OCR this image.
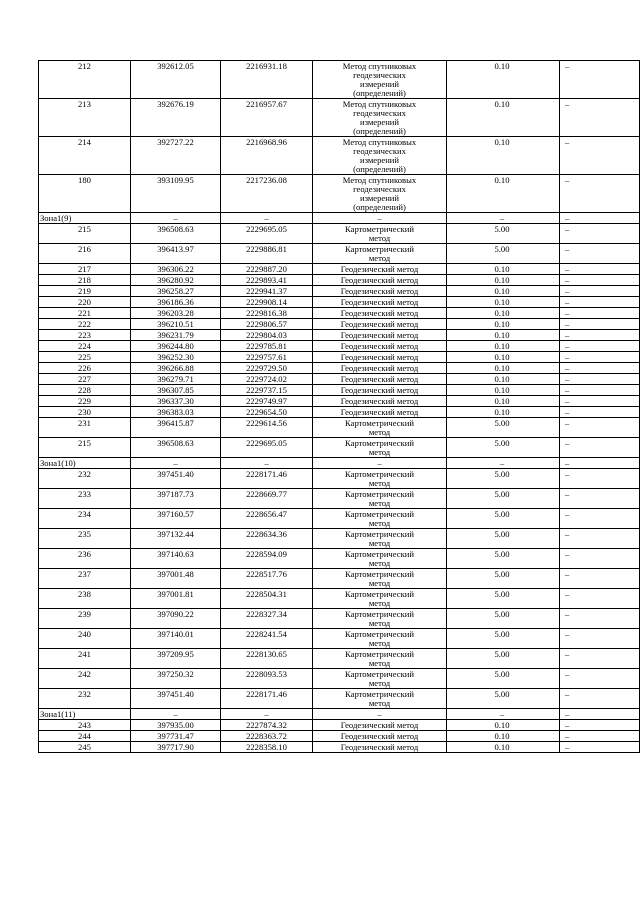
212	392612.05	2216931.18	Метод спутниковых
геодезических
измерений
(определений)	0.10	–
213	392676.19	2216957.67	Метод спутниковых
геодезических
измерений
(определений)	0.10	–
214	392727.22	2216968.96	Метод спутниковых
геодезических
измерений
(определений)	0.10	–
180	393109.95	2217236.08	Метод спутниковых
геодезических
измерений
(определений)	0.10	–
Зона1(9)	–	–	–	–	–
215	396508.63	2229695.05	Картометрический
метод	5.00	–
216	396413.97	2229886.81	Картометрический
метод	5.00	–
217	396306.22	2229887.20	Геодезический метод	0.10	–
218	396280.92	2229893.41	Геодезический метод	0.10	–
219	396258.27	2229941.37	Геодезический метод	0.10	–
220	396186.36	2229908.14	Геодезический метод	0.10	–
221	396203.28	2229816.38	Геодезический метод	0.10	–
222	396210.51	2229806.57	Геодезический метод	0.10	–
223	396231.79	2229804.03	Геодезический метод	0.10	–
224	396244.80	2229785.81	Геодезический метод	0.10	–
225	396252.30	2229757.61	Геодезический метод	0.10	–
226	396266.88	2229729.50	Геодезический метод	0.10	–
227	396279.71	2229724.02	Геодезический метод	0.10	–
228	396307.85	2229737.15	Геодезический метод	0.10	–
229	396337.30	2229749.97	Геодезический метод	0.10	–
230	396383.03	2229654.50	Геодезический метод	0.10	–
231	396415.87	2229614.56	Картометрический
метод	5.00	–
215	396508.63	2229695.05	Картометрический
метод	5.00	–
Зона1(10)	–	–	–	–	–
232	397451.40	2228171.46	Картометрический
метод	5.00	–
233	397187.73	2228669.77	Картометрический
метод	5.00	–
234	397160.57	2228656.47	Картометрический
метод	5.00	–
235	397132.44	2228634.36	Картометрический
метод	5.00	–
236	397140.63	2228594.09	Картометрический
метод	5.00	–
237	397001.48	2228517.76	Картометрический
метод	5.00	–
238	397001.81	2228504.31	Картометрический
метод	5.00	–
239	397090.22	2228327.34	Картометрический
метод	5.00	–
240	397140.01	2228241.54	Картометрический
метод	5.00	–
241	397209.95	2228130.65	Картометрический
метод	5.00	–
242	397250.32	2228093.53	Картометрический
метод	5.00	–
232	397451.40	2228171.46	Картометрический
метод	5.00	–
Зона1(11)	–	–	–	–	–
243	397935.00	2227874.32	Геодезический метод	0.10	–
244	397731.47	2228363.72	Геодезический метод	0.10	–
245	397717.90	2228358.10	Геодезический метод	0.10	–
